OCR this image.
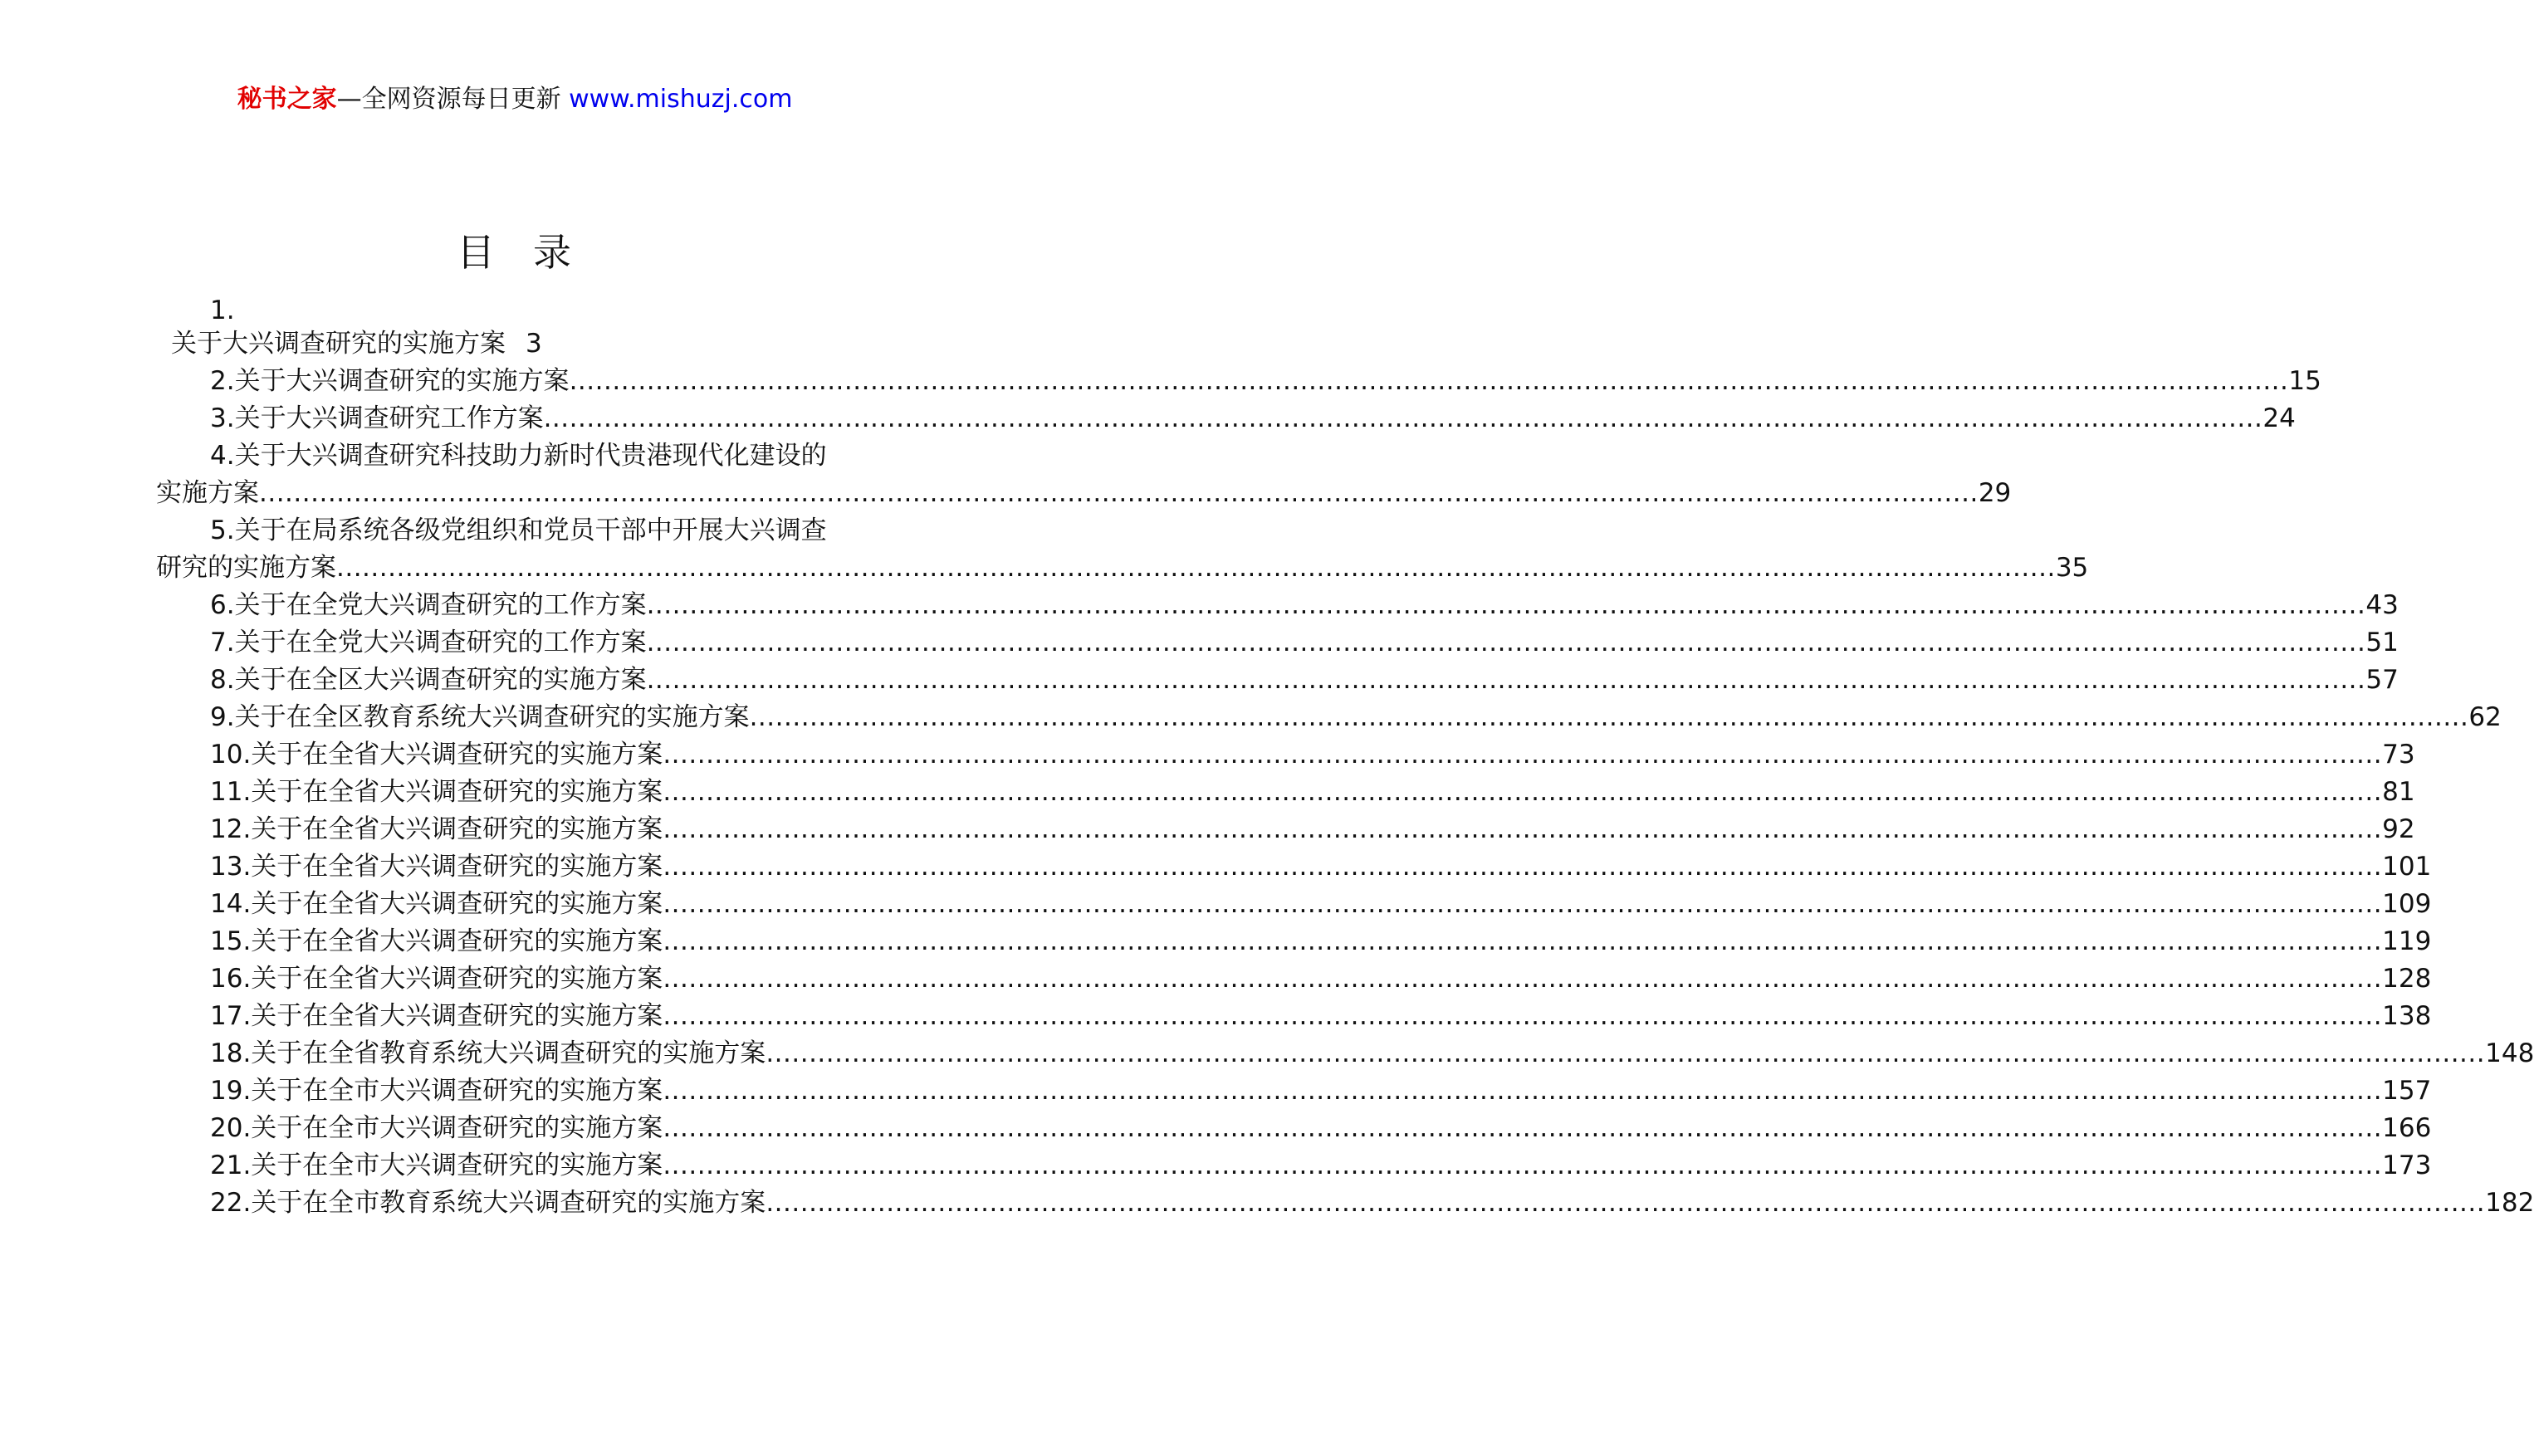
秘书之家—全网资源每日更新 www.mishuzj.com
目 录
1.
关于大兴调查研究的实施方案 3
2.关于大兴调查研究的实施方案 ........................................................................................................................................................................................................ 15
3.关于大兴调查研究工作方案 ........................................................................................................................................................................................................ 24
4.关于大兴调查研究科技助力新时代贵港现代化建设的
实施方案 ........................................................................................................................................................................................................ 29
5.关于在局系统各级党组织和党员干部中开展大兴调查
研究的实施方案 ........................................................................................................................................................................................................ 35
6.关于在全党大兴调查研究的工作方案 ........................................................................................................................................................................................................ 43
7.关于在全党大兴调查研究的工作方案 ........................................................................................................................................................................................................ 51
8.关于在全区大兴调查研究的实施方案 ........................................................................................................................................................................................................ 57
9.关于在全区教育系统大兴调查研究的实施方案 ........................................................................................................................................................................................................ 62
10.关于在全省大兴调查研究的实施方案 ........................................................................................................................................................................................................ 73
11.关于在全省大兴调查研究的实施方案 ........................................................................................................................................................................................................ 81
12.关于在全省大兴调查研究的实施方案 ........................................................................................................................................................................................................ 92
13.关于在全省大兴调查研究的实施方案 ........................................................................................................................................................................................................ 101
14.关于在全省大兴调查研究的实施方案 ........................................................................................................................................................................................................ 109
15.关于在全省大兴调查研究的实施方案 ........................................................................................................................................................................................................ 119
16.关于在全省大兴调查研究的实施方案 ........................................................................................................................................................................................................ 128
17.关于在全省大兴调查研究的实施方案 ........................................................................................................................................................................................................ 138
18.关于在全省教育系统大兴调查研究的实施方案 ........................................................................................................................................................................................................ 148
19.关于在全市大兴调查研究的实施方案 ........................................................................................................................................................................................................ 157
20.关于在全市大兴调查研究的实施方案 ........................................................................................................................................................................................................ 166
21.关于在全市大兴调查研究的实施方案 ........................................................................................................................................................................................................ 173
22.关于在全市教育系统大兴调查研究的实施方案 ........................................................................................................................................................................................................ 182
